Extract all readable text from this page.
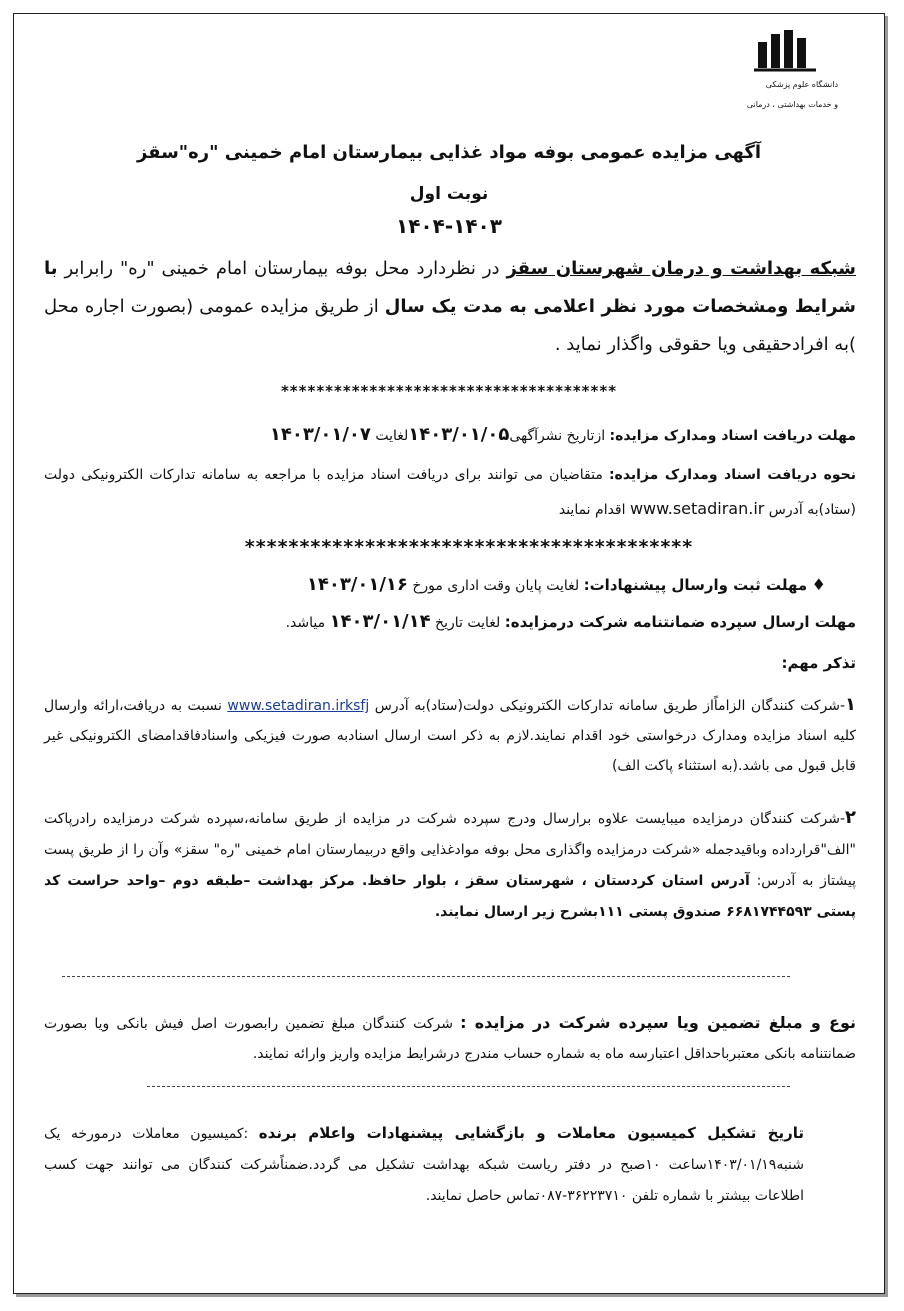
دانشگاه علوم پزشکی
و خدمات بهداشتی ، درمانی
آگهی مزایده عمومی بوفه مواد غذایی بیمارستان امام خمینی "ره"سقز
نوبت اول
۱۴۰۴-۱۴۰۳
شبکه بهداشت و درمان شهرستان سقز در نظردارد محل بوفه بیمارستان امام خمینی "ره" رابرابر با شرایط ومشخصات مورد نظر اعلامی به مدت یک سال از طریق مزایده عمومی (بصورت اجاره محل )به افرادحقیقی ویا حقوقی واگذار نماید .
**************************************
مهلت دریافت اسناد ومدارک مزایده: ازتاریخ نشرآگهی۱۴۰۳/۰۱/۰۵لغایت ۱۴۰۳/۰۱/۰۷
نحوه دریافت اسناد ومدارک مزایده: متقاضیان می توانند برای دریافت اسناد مزایده با مراجعه به سامانه تدارکات الکترونیکی دولت (ستاد)به آدرس www.setadiran.ir اقدام نمایند
*****************************************
♦ مهلت ثبت وارسال پیشنهادات: لغایت پایان وقت اداری مورخ ۱۴۰۳/۰۱/۱۶
مهلت ارسال سپرده ضمانتنامه شرکت درمزایده: لغایت تاریخ ۱۴۰۳/۰۱/۱۴ میاشد.
تذکر مهم:
۱-شرکت کنندگان الزاماًاز طریق سامانه تدارکات الکترونیکی دولت(ستاد)به آدرس www.setadiran.irksfj نسبت به دریافت،ارائه وارسال کلیه اسناد مزایده ومدارک درخواستی خود اقدام نمایند.لازم به ذکر است ارسال اسنادبه صورت فیزیکی واسنادفاقدامضای الکترونیکی غیر قابل قبول می باشد.(به استثناء پاکت الف)
۲-شرکت کنندگان درمزایده میبایست علاوه برارسال ودرج سپرده شرکت در مزایده از طریق سامانه،سپرده شرکت درمزایده رادرپاکت "الف"قرارداده وباقیدجمله «شرکت درمزایده واگذاری محل بوفه موادغذایی واقع دربیمارستان امام خمینی "ره" سقز» وآن را از طریق پست پیشتاز به آدرس: آدرس استان کردستان ، شهرستان سقز ، بلوار حافظ. مرکز بهداشت –طبقه دوم –واحد حراست کد پستی ۶۶۸۱۷۴۴۵۹۳ صندوق پستی ۱۱۱بشرح زیر ارسال نمایند.
نوع و مبلغ تضمین ویا سپرده شرکت در مزایده : شرکت کنندگان مبلغ تضمین رابصورت اصل فیش بانکی ویا بصورت ضمانتنامه بانکی معتبرباحداقل اعتبارسه ماه به شماره حساب مندرج درشرایط مزایده واریز وارائه نمایند.
تاریخ تشکیل کمیسیون معاملات و بازگشایی پیشنهادات واعلام برنده :کمیسیون معاملات درمورخه یک شنبه۱۴۰۳/۰۱/۱۹ساعت ۱۰صبح در دفتر ریاست شبکه بهداشت تشکیل می گردد.ضمناًشرکت کنندگان می توانند جهت کسب اطلاعات بیشتر با شماره تلفن ۳۶۲۲۳۷۱۰-۰۸۷تماس حاصل نمایند.
